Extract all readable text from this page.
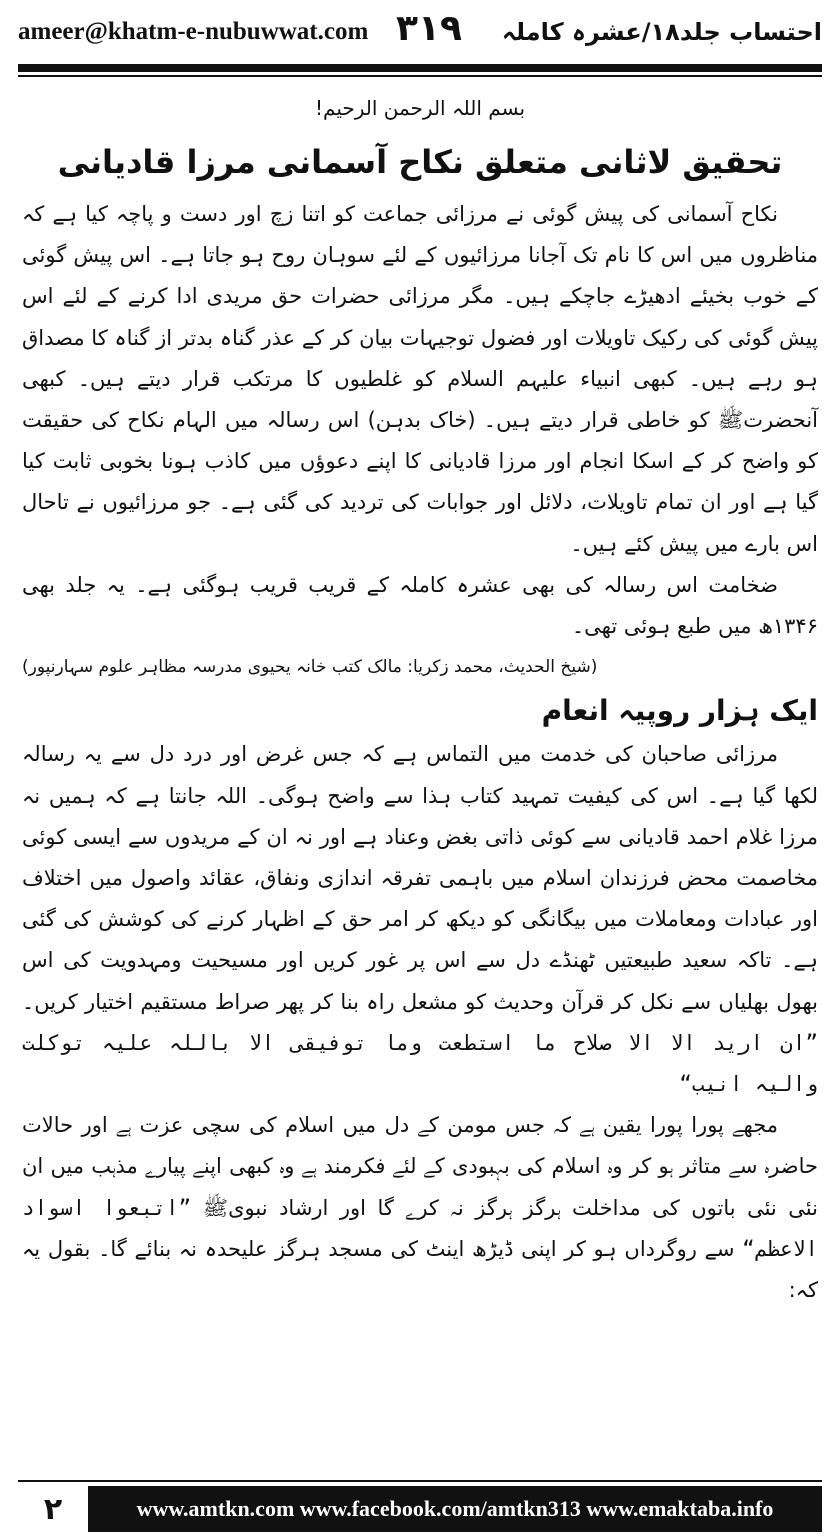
ameer@khatm-e-nubuwwat.com ۳۱۹ احتساب جلد۱۸/عشرہ کاملہ

بسم اللہ الرحمن الرحیم!

تحقیق لاثانی متعلق نکاح آسمانی مرزا قادیانی

نکاح آسمانی کی پیش گوئی نے مرزائی جماعت کو اتنا زچ اور دست و پاچہ کیا ہے کہ مناظروں میں اس کا نام تک آجانا مرزائیوں کے لئے سوہان روح ہو جاتا ہے۔ اس پیش گوئی کے خوب بخیئے ادھیڑے جاچکے ہیں۔ مگر مرزائی حضرات حق مریدی ادا کرنے کے لئے اس پیش گوئی کی رکیک تاویلات اور فضول توجیہات بیان کر کے عذر گناہ بدتر از گناہ کا مصداق ہو رہے ہیں۔ کبھی انبیاء علیہم السلام کو غلطیوں کا مرتکب قرار دیتے ہیں۔ کبھی آنحضرتﷺ کو خاطی قرار دیتے ہیں۔ (خاک بدہن) اس رسالہ میں الہام نکاح کی حقیقت کو واضح کر کے اسکا انجام اور مرزا قادیانی کا اپنے دعوؤں میں کاذب ہونا بخوبی ثابت کیا گیا ہے اور ان تمام تاویلات، دلائل اور جوابات کی تردید کی گئی ہے۔ جو مرزائیوں نے تاحال اس بارے میں پیش کئے ہیں۔

ضخامت اس رسالہ کی بھی عشرہ کاملہ کے قریب قریب ہوگئی ہے۔ یہ جلد بھی ۱۳۴۶ھ میں طبع ہوئی تھی۔

(شیخ الحدیث، محمد زکریا: مالک کتب خانہ یحیوی مدرسہ مظاہر علوم سہارنپور)

ایک ہزار روپیہ انعام

مرزائی صاحبان کی خدمت میں التماس ہے کہ جس غرض اور درد دل سے یہ رسالہ لکھا گیا ہے۔ اس کی کیفیت تمہید کتاب ہذا سے واضح ہوگی۔ اللہ جانتا ہے کہ ہمیں نہ مرزا غلام احمد قادیانی سے کوئی ذاتی بغض وعناد ہے اور نہ ان کے مریدوں سے ایسی کوئی مخاصمت محض فرزندان اسلام میں باہمی تفرقہ اندازی ونفاق، عقائد واصول میں اختلاف اور عبادات ومعاملات میں بیگانگی کو دیکھ کر امر حق کے اظہار کرنے کی کوشش کی گئی ہے۔ تاکہ سعید طبیعتیں ٹھنڈے دل سے اس پر غور کریں اور مسیحیت ومہدویت کی اس بھول بھلیاں سے نکل کر قرآن وحدیث کو مشعل راہ بنا کر پھر صراط مستقیم اختیار کریں۔ ”ان ارید الا الا صلاح ما استطعت وما توفیقی الا باللہ علیہ توکلت والیہ انیب“

مجھے پورا پورا یقین ہے کہ جس مومن کے دل میں اسلام کی سچی عزت ہے اور حالات حاضرہ سے متاثر ہو کر وہ اسلام کی بہبودی کے لئے فکرمند ہے وہ کبھی اپنے پیارے مذہب میں ان نئی نئی باتوں کی مداخلت ہرگز ہرگز نہ کرے گا اور ارشاد نبویﷺ ”اتبعوا اسواد الاعظم“ سے روگرداں ہو کر اپنی ڈیڑھ اینٹ کی مسجد ہرگز علیحدہ نہ بنائے گا۔ بقول یہ کہ:

۲	www.amtkn.com www.facebook.com/amtkn313 www.emaktaba.info
